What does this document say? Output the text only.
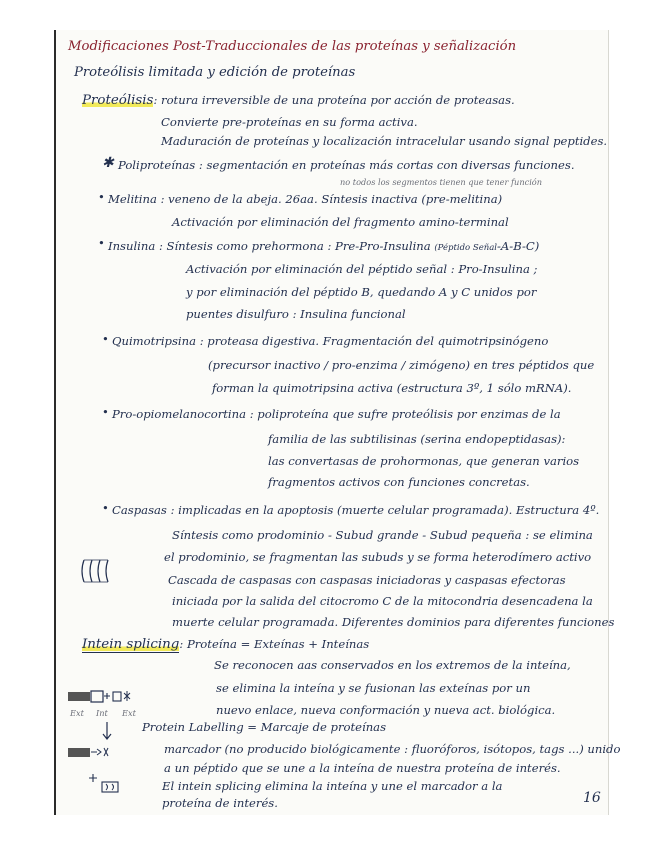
Modificaciones Post-Traduccionales de las proteínas y señalización
Proteólisis limitada y edición de proteínas
Proteólisis: rotura irreversible de una proteína por acción de proteasas.
Convierte pre-proteínas en su forma activa.
Maduración de proteínas y localización intracelular usando signal peptides.
✱ Poliproteínas : segmentación en proteínas más cortas con diversas funciones.
no todos los segmentos tienen que tener función
• Melitina : veneno de la abeja. 26aa. Síntesis inactiva (pre-melitina)
Activación por eliminación del fragmento amino-terminal
• Insulina : Síntesis como prehormona : Pre-Pro-Insulina (Péptido Señal-A-B-C)
Activación por eliminación del péptido señal : Pro-Insulina ;
y por eliminación del péptido B, quedando A y C unidos por
puentes disulfuro : Insulina funcional
• Quimotripsina : proteasa digestiva. Fragmentación del quimotripsinógeno
(precursor inactivo / pro-enzima / zimógeno) en tres péptidos que
forman la quimotripsina activa (estructura 3º, 1 sólo mRNA).
• Pro-opiomelanocortina : poliproteína que sufre proteólisis por enzimas de la
familia de las subtilisinas (serina endopeptidasas):
las convertasas de prohormonas, que generan varios
fragmentos activos con funciones concretas.
• Caspasas : implicadas en la apoptosis (muerte celular programada). Estructura 4º.
Síntesis como prodominio - Subud grande - Subud pequeña : se elimina
el prodominio, se fragmentan las subuds y se forma heterodímero activo
Cascada de caspasas con caspasas iniciadoras y caspasas efectoras
iniciada por la salida del citocromo C de la mitocondria desencadena la
muerte celular programada. Diferentes dominios para diferentes funciones
Intein splicing: Proteína = Exteínas + Inteínas
Se reconocen aas conservados en los extremos de la inteína,
se elimina la inteína y se fusionan las exteínas por un
nuevo enlace, nueva conformación y nueva act. biológica.
Ext Int Ext
Protein Labelling = Marcaje de proteínas
marcador (no producido biológicamente : fluoróforos, isótopos, tags ...) unido
a un péptido que se une a la inteína de nuestra proteína de interés.
El intein splicing elimina la inteína y une el marcador a la
proteína de interés.	16
